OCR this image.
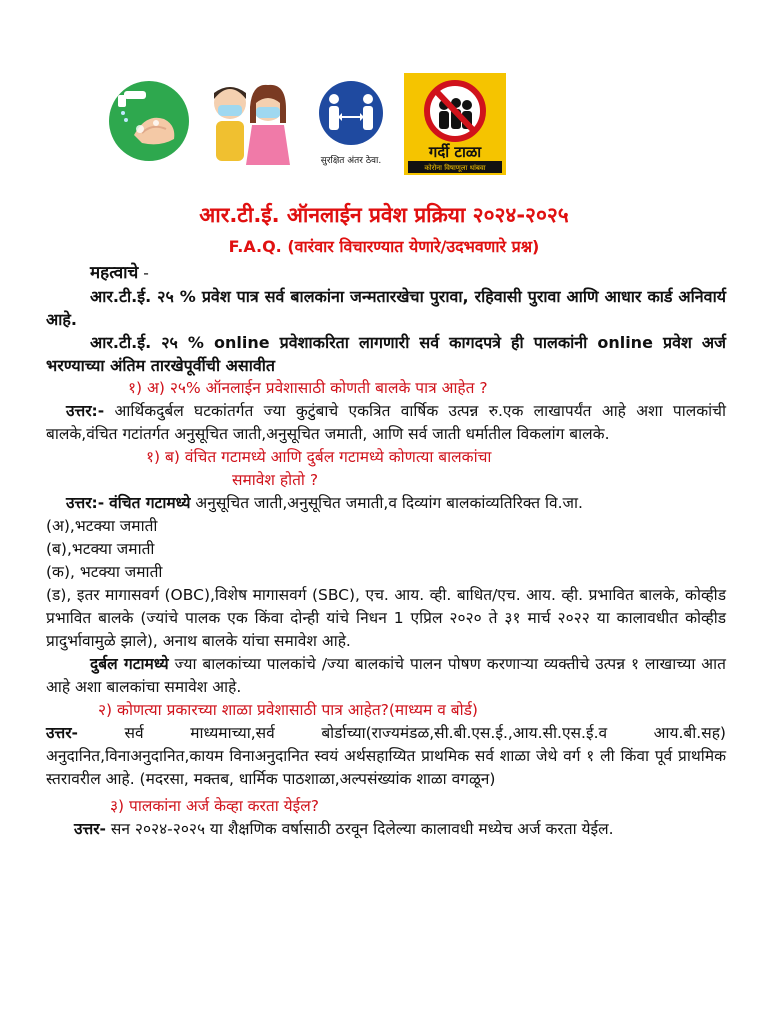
सुरक्षित अंतर ठेवा.	गर्दी टाळा
कोरोना विषाणूला थांबवा
आर.टी.ई. ऑनलाईन प्रवेश प्रक्रिया २०२४-२०२५
F.A.Q. (वारंवार विचारण्यात येणारे/उदभवणारे प्रश्न)

महत्वाचे -

आर.टी.ई. २५ % प्रवेश पात्र सर्व बालकांना जन्मतारखेचा पुरावा, रहिवासी पुरावा आणि आधार कार्ड अनिवार्य आहे.

आर.टी.ई. २५ % online प्रवेशाकरिता लागणारी सर्व कागदपत्रे ही पालकांनी online प्रवेश अर्ज भरण्याच्या अंतिम तारखेपूर्वीची असावीत

१) अ) २५% ऑनलाईन प्रवेशासाठी कोणती बालके पात्र आहेत ?

उत्तर:- आर्थिकदुर्बल घटकांतर्गत ज्या कुटुंबाचे एकत्रित वार्षिक उत्पन्न रु.एक लाखापर्यंत आहे अशा पालकांची बालके,वंचित गटांतर्गत अनुसूचित जाती,अनुसूचित जमाती, आणि सर्व जाती धर्मातील विकलांग बालके.

१) ब) वंचित गटामध्ये आणि दुर्बल गटामध्ये कोणत्या बालकांचा

समावेश होतो ?

उत्तर:- वंचित गटामध्ये अनुसूचित जाती,अनुसूचित जमाती,व दिव्यांग बालकांव्यतिरिक्त वि.जा.

(अ),भटक्या जमाती

(ब),भटक्या जमाती

(क), भटक्या जमाती

(ड), इतर मागासवर्ग (OBC),विशेष मागासवर्ग (SBC), एच. आय. व्ही. बाधित/एच. आय. व्ही. प्रभावित बालके, कोव्हीड प्रभावित बालके (ज्यांचे पालक एक किंवा दोन्ही यांचे निधन 1 एप्रिल २०२० ते ३१ मार्च २०२२ या कालावधीत कोव्हीड प्रादुर्भावामुळे झाले), अनाथ बालके यांचा समावेश आहे.

दुर्बल गटामध्ये ज्या बालकांच्या पालकांचे /ज्या बालकांचे पालन पोषण करणाऱ्या व्यक्तीचे उत्पन्न १ लाखाच्या आत आहे अशा बालकांचा समावेश आहे.

२) कोणत्या प्रकारच्या शाळा प्रवेशासाठी पात्र आहेत?(माध्यम व बोर्ड)

उत्तर-	सर्व माध्यमाच्या,सर्व बोर्डाच्या(राज्यमंडळ,सी.बी.एस.ई.,आय.सी.एस.ई.व आय.बी.सह) अनुदानित,विनाअनुदानित,कायम विनाअनुदानित स्वयं अर्थसहाय्यित प्राथमिक सर्व शाळा जेथे वर्ग १ ली किंवा पूर्व प्राथमिक स्तरावरील आहे. (मदरसा, मक्तब, धार्मिक पाठशाळा,अल्पसंख्यांक शाळा वगळून)

३) पालकांना अर्ज केव्हा करता येईल?

उत्तर- सन २०२४-२०२५ या शैक्षणिक वर्षासाठी ठरवून दिलेल्या कालावधी मध्येच अर्ज करता येईल.
